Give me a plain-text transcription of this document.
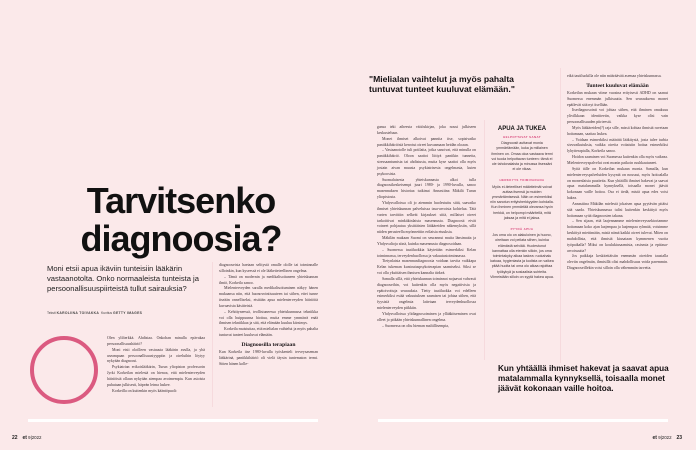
Tarvitsenko diagnoosia?

Moni etsii apua ikäviin tunteisiin lääkärin vastaanotolta. Onko normaaleista tunteista ja persoonallisuuspiirteistä tullut sairauksia?

Teksti KAROLIINA TOIVAKKA Kuvitus GETTY IMAGES

Olen ylilterkkä. Ahdistaa. Onkohan minulla epävakaa persoonallisuushäiriö?

Moni etsii oloilleen vastausta lääkärin avulla, ja yhä useampaan persoonallisuustyyppiin ja oireluihin löytyy nykyään diagnoosi.

Psykiatrian erikoislääkärin, Turun yliopiston professorin Jyrki Korkeilan mielestä on hienoa, että mielenterveyden häiriöistä ollaan nykyään aiempaa avoimempia. Kun asioista puhutaan julkisesti, häpeän leima laskee.

Korkeilla on kuitenkin myös kääntöpuoli:

diagnooseista haetaan selitystä omalle ololle tai toiminnalle silloinkin, kun kyseessä ei ole lääketieteellinen ongelma.

– Tämä on modernin ja medikalisoituneen yhteiskunnan ilmiö, Korkeila sanoo.

Mielenterveyden saralla medikalisoituminen näkyy hänen mukaansa niin, että huonovointisuuteen tai siihen, ettei tunne itseään onnelliseksi, etsitään apua mielenterveyden häiriöitä kuvaavista käsitteistä.

– Kehittyneessä, teollistuneessa yhteiskunnassa tekniikka voi olla huippuunsa hiottua, mutta emme ymmärrä enää ihmisen tekniikkaa ja sitä, että elämään kuuluu kärsimys.

Korkeila muistuttaa, että mielialan vaihtelut ja myös pahalta tuntuvat tunteet kuuluvat elämään.

Diagnoosilla terapiaan

Kun Korkeila itse 1980-luvulla työskenteli terveysaseman lääkärinä, paniikkihäiriö oli vielä täysin tuntematon termi. Sitten hänen kolle-

"Mielialan vaihtelut ja myös pahalta tuntuvat tunteet kuuluvat elämään."

gansa teki aiheesta väitöskirjan, joka nousi julkiseen keskusteluun.

Monet ihmiset alkoivat pannita itse, sopisivatko paniikkihäiriöstä kerrotut oireet kuvaamaan heidän oloaan.

– Vastaanotolle tuli potilaita, jotka sanoivat, että minulla on paniikkihäiriö. Oloon saattoi liittyä paniikin tunnetta, stressaantumista tai ahdistusta, mutta kyse saattoi olla myös jostain aivan muusta psykiatrisesta ongelmasta, kuten psykoosista.

Suomalaisesta yhteiskunnasta alkoi tulla diagnoosikeskeisempi juuri 1980- ja 1990-luvulla, sanoo masennuksen historiaa tutkinut Annastiina Mäkilä Turun yliopistosta.

Yhdysvalloissa oli jo aiemmin huolestuttu siitä, saavatko ihmiset yhteiskunnan palveluissa tasa-arvoista kohtelua. Tätä varten tarvittiin selkeät kirjaukset siitä, millaiset oireet tarkoittivat minkäkinlaista masennusta. Diagnoosit eivät voineet pohjautua yksittäisten lääkäreiden näkemyksiin, sillä niiden perusteella myönnettiin erilaisia etuuksia.

Mäkilän mukaan Suomi on seurannut muita länsimaita ja Yhdysvaltoja siinä, kuinka masennusta diagnosoidaan.

– Suomessa tautiluokkia käytetään esimerkiksi Kelan toiminnassa, terveydenhuollossa ja vakuutustoiminnassa.

Tietynlaista masennusdiagnoosia voidaan tarvita vaikkapa Kelan tukeman kuntoutuspsykoterapian saamiseksi. Siksi se voi olla yksittäisen ihmisen kannalta tärkeä.

Samalla sillä, että yhteiskunnan toiminnot nojaavat vahvasti diagnooseihin, voi kuitenkin olla myös negatiivisia ja epätoivottuja seurauksia. Tietty tautiluokka voi edelleen esimerkiksi estää vakuutuksen saamisen tai johtaa siihen, että fyysisiä ongelmia laitetaan terveydenhuollossa mielenterveyden piikkiin.

Yhdysvalloissa ylidiagnosoiminen ja yllääkitseminen ovat olleet jo pitkään yhteiskunnallinen ongelma.

– Suomessa on oltu hieman maltillisempia,

APUA JA TUKEA
HELPOTTAVAT SANAT

Diagnoosit auttavat monia ymmärtämään, kuka ja millainen ihminen on. Omaa oloa vastaava termi voi tuoda helpottavan tunteen: tämä ei ole tahdonalaista ja minussa itsessäni ei ole vikaa.

HERKKYYS TOIMIVARANA

Myös ei-tieteelliset määritelmät voivat auttaa itsensä ja muiden ymmärtämisessä. Näin on esimerkiksi niin sanotun erityisherkkyyden kohdalla. Kun ihminen ymmärtää olevansa hyvin herkkä, on helpompi määritellä, mitä jaksaa ja mitä ei jaksa.

PYYDÄ APUA

Jos oma olo on alakuloinen ja huono, oireitaan voi peilata siihen, kuinka elämästä selviää. Huolestunut kannattaa olla etenkin silloin, jos oma toimintakyky alkaa laskea: ruokahalu katoaa, hygieniasta ja kodista on vaikea pitää huolta tai oma olo alkaa rajoittaa työkykyä ja sosiaalisia suhteita. Viimeistään silloin on syytä hakea apua.

eikä tautiluokilla ole niin määräävää asemaa yhteiskunnassa.

Tunteet kuuluvat elämään

Korkeilan mukaan viime vuosina erityisesti ADHD on saanut Suomessa enemmän julkisuutta. Sen seurauksena monet epäilevät sitä nyt itsellään.

Itsediagnosointi voi johtaa siihen, että ihminen omaksuu ylivilkkaan identiteetin, vaikka kyse olisi vain persoonallisuuden piirteestä.

Myös lääkäreiden(?) raja sille, missä kohtaa ihmistä ruvetaan hoitamaan, saattaa laskea.

– Voidaan esimerkiksi määrätä lääkitystä, josta tulee turhia sivuvaikutuksia, vaikka oireita voitaisiin hoitaa esimerkiksi lyhytterapialla, Korkeila sanoo.

Hoidon saaminen voi Suomessa kuitenkin olla myös vaikeaa. Mielenterveyspalvelut ovat monin paikoin ruuhkautuneet.

Syitä tälle on Korkeilan mukaan monia. Samalla, kun mielenterveyspalveluiden kysyntä on noussut, myös hoitoalalla on monenlaisia puutteita. Kun yhtäällä ihmiset hakevat ja saavat apua matalammalla kynnyksellä, toisaalla monet jäävät kokonaan vaille hoitoa. Osa ei tiedä, mistä apua edes voisi hakea.

Annastiina Mäkilän mielestä jokaisen apua pyytävän pitäisi sitä saada. Yhteiskunnassa tulisi kuitenkin keskittyä myös hoitamaan syitä diagnoosien takana.

– Sen sijaan, että laajennamme mielenterveyssektoriamme hoitamaan koko ajan laajempaa ja laajempaa ryhmää, voisimme keskittyä miettimään, mistä nämä kaikki oireet tulevat. Miten on mahdollista, että ihmisiä kiusataan kymmenen vuotta työpaikalla? Miksi on koulukiusaamista, rasismia ja epätasa-arvoisuutta?

Jos paikkaja keskitettäisiin enemmän oireiden taustalla oleviin ongelmiin, ihmisillä olisi mahdollisuus voida paremmin. Diagnooseillekin voisi silloin olla vähemmän tarvetta.

Kun yhtäällä ihmiset hakevat ja saavat apua matalammalla kynnyksellä, toisaalla monet jäävät kokonaan vaille hoitoa.
22 et 9|2022	et 9|2022 23
